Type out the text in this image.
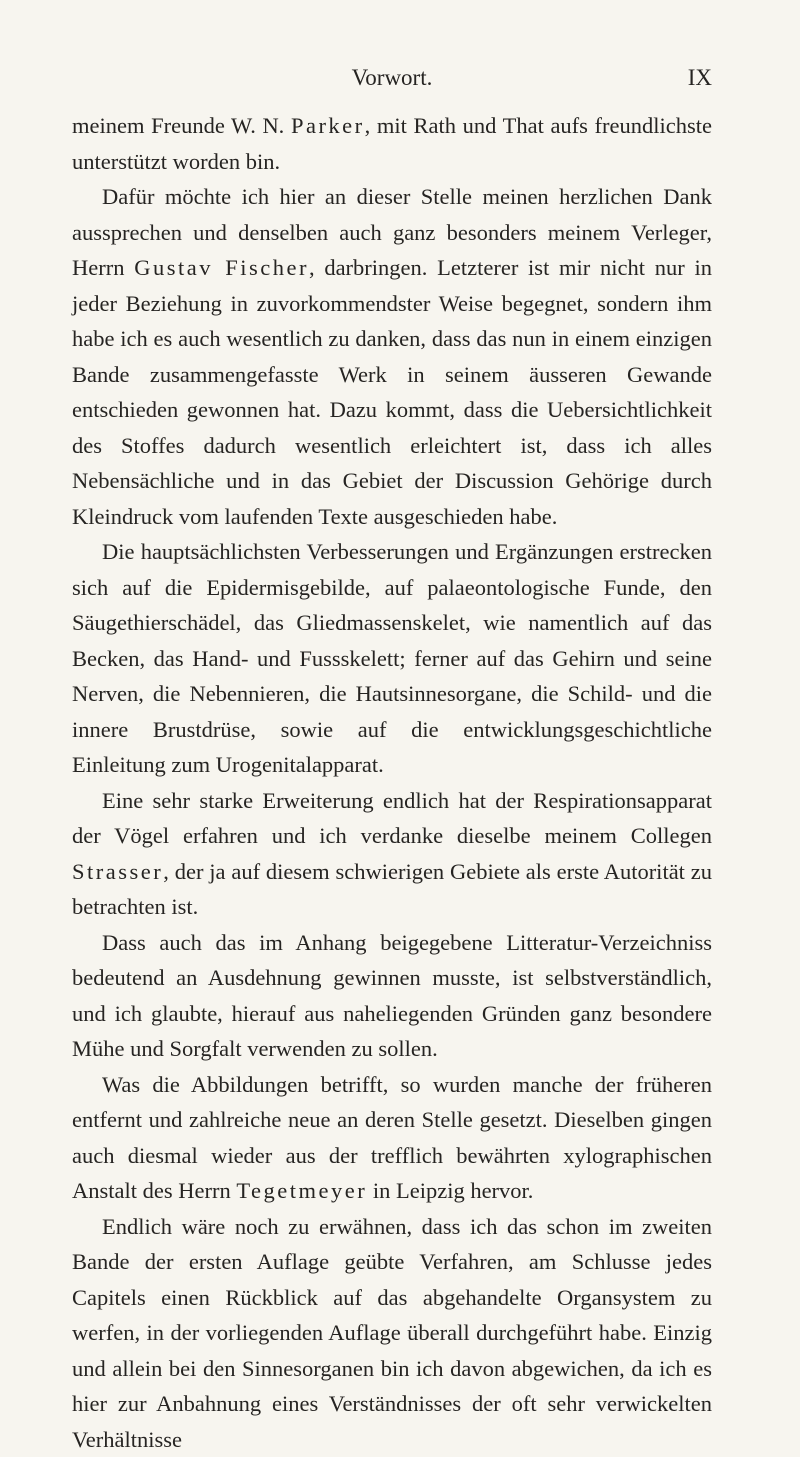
Vorwort.	IX

meinem Freunde W. N. Parker, mit Rath und That aufs freundlichste unterstützt worden bin.

Dafür möchte ich hier an dieser Stelle meinen herzlichen Dank aussprechen und denselben auch ganz besonders meinem Verleger, Herrn Gustav Fischer, darbringen. Letzterer ist mir nicht nur in jeder Beziehung in zuvorkommendster Weise begegnet, sondern ihm habe ich es auch wesentlich zu danken, dass das nun in einem einzigen Bande zusammengefasste Werk in seinem äusseren Gewande entschieden gewonnen hat. Dazu kommt, dass die Uebersichtlichkeit des Stoffes dadurch wesentlich erleichtert ist, dass ich alles Nebensächliche und in das Gebiet der Discussion Gehörige durch Kleindruck vom laufenden Texte ausgeschieden habe.

Die hauptsächlichsten Verbesserungen und Ergänzungen erstrecken sich auf die Epidermisgebilde, auf palaeontologische Funde, den Säugethierschädel, das Gliedmassenskelet, wie namentlich auf das Becken, das Hand- und Fussskelett; ferner auf das Gehirn und seine Nerven, die Nebennieren, die Hautsinnesorgane, die Schild- und die innere Brustdrüse, sowie auf die entwicklungsgeschichtliche Einleitung zum Urogenitalapparat.

Eine sehr starke Erweiterung endlich hat der Respirationsapparat der Vögel erfahren und ich verdanke dieselbe meinem Collegen Strasser, der ja auf diesem schwierigen Gebiete als erste Autorität zu betrachten ist.

Dass auch das im Anhang beigegebene Litteratur-Verzeichniss bedeutend an Ausdehnung gewinnen musste, ist selbstverständlich, und ich glaubte, hierauf aus naheliegenden Gründen ganz besondere Mühe und Sorgfalt verwenden zu sollen.

Was die Abbildungen betrifft, so wurden manche der früheren entfernt und zahlreiche neue an deren Stelle gesetzt. Dieselben gingen auch diesmal wieder aus der trefflich bewährten xylographischen Anstalt des Herrn Tegetmeyer in Leipzig hervor.

Endlich wäre noch zu erwähnen, dass ich das schon im zweiten Bande der ersten Auflage geübte Verfahren, am Schlusse jedes Capitels einen Rückblick auf das abgehandelte Organsystem zu werfen, in der vorliegenden Auflage überall durchgeführt habe. Einzig und allein bei den Sinnesorganen bin ich davon abgewichen, da ich es hier zur Anbahnung eines Verständnisses der oft sehr verwickelten Verhältnisse
